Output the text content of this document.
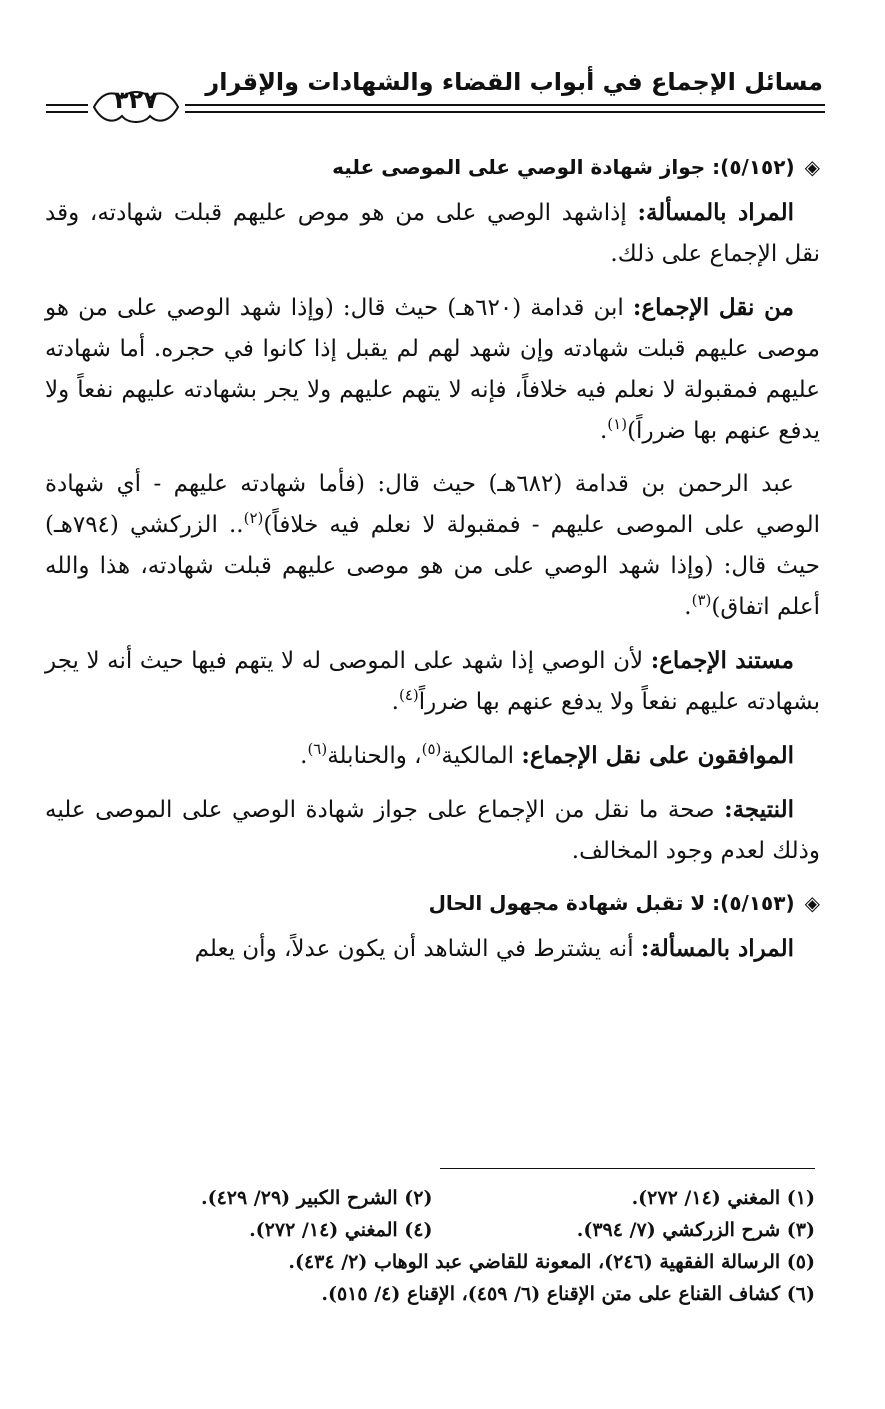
مسائل الإجماع في أبواب القضاء والشهادات والإقرار
٣٢٧
◈(٥/١٥٢): جواز شهادة الوصي على الموصى عليه

المراد بالمسألة: إذاشهد الوصي على من هو موص عليهم قبلت شهادته، وقد نقل الإجماع على ذلك.

من نقل الإجماع: ابن قدامة (٦٢٠هـ) حيث قال: (وإذا شهد الوصي على من هو موصى عليهم قبلت شهادته وإن شهد لهم لم يقبل إذا كانوا في حجره. أما شهادته عليهم فمقبولة لا نعلم فيه خلافاً، فإنه لا يتهم عليهم ولا يجر بشهادته عليهم نفعاً ولا يدفع عنهم بها ضرراً)$^{(١)}$.

عبد الرحمن بن قدامة (٦٨٢هـ) حيث قال: (فأما شهادته عليهم - أي شهادة الوصي على الموصى عليهم - فمقبولة لا نعلم فيه خلافاً)$^{(٢)}$.. الزركشي (٧٩٤هـ) حيث قال: (وإذا شهد الوصي على من هو موصى عليهم قبلت شهادته، هذا والله أعلم اتفاق)$^{(٣)}$.

مستند الإجماع: لأن الوصي إذا شهد على الموصى له لا يتهم فيها حيث أنه لا يجر بشهادته عليهم نفعاً ولا يدفع عنهم بها ضرراً$^{(٤)}$.

الموافقون على نقل الإجماع: المالكية$^{(٥)}$، والحنابلة$^{(٦)}$.

النتيجة: صحة ما نقل من الإجماع على جواز شهادة الوصي على الموصى عليه وذلك لعدم وجود المخالف.

◈(٥/١٥٣): لا تقبل شهادة مجهول الحال

المراد بالمسألة: أنه يشترط في الشاهد أن يكون عدلاً، وأن يعلم

(١) المغني (١٤/ ٢٧٢).
(٢) الشرح الكبير (٢٩/ ٤٢٩).
(٣) شرح الزركشي (٧/ ٣٩٤).
(٤) المغني (١٤/ ٢٧٢).
(٥) الرسالة الفقهية (٢٤٦)، المعونة للقاضي عبد الوهاب (٢/ ٤٣٤).
(٦) كشاف القناع على متن الإقناع (٦/ ٤٥٩)، الإقناع (٤/ ٥١٥).
